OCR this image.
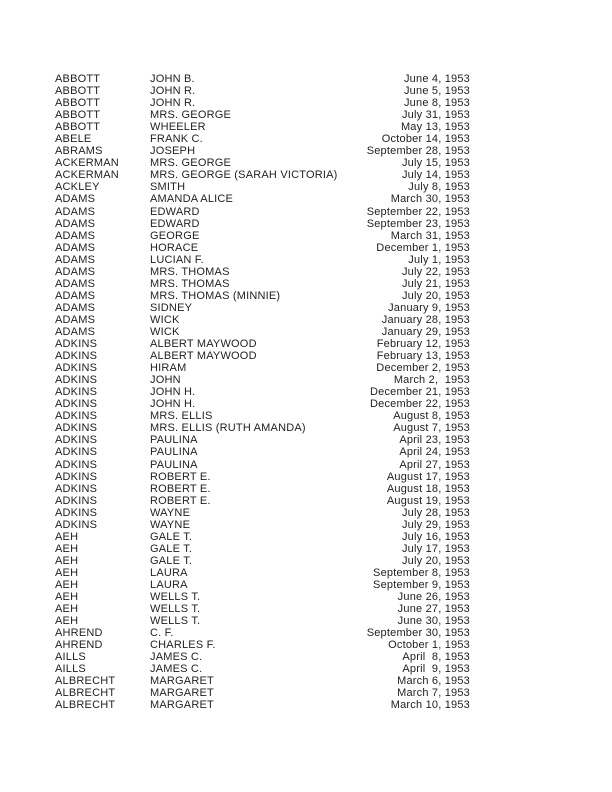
ABBOTT	JOHN B.	June 4, 1953
ABBOTT	JOHN R.	June 5, 1953
ABBOTT	JOHN R.	June 8, 1953
ABBOTT	MRS. GEORGE	July 31, 1953
ABBOTT	WHEELER	May 13, 1953
ABELE	FRANK C.	October 14, 1953
ABRAMS	JOSEPH	September 28, 1953
ACKERMAN	MRS. GEORGE	July 15, 1953
ACKERMAN	MRS. GEORGE (SARAH VICTORIA)	July 14, 1953
ACKLEY	SMITH	July 8, 1953
ADAMS	AMANDA ALICE	March 30, 1953
ADAMS	EDWARD	September 22, 1953
ADAMS	EDWARD	September 23, 1953
ADAMS	GEORGE	March 31, 1953
ADAMS	HORACE	December 1, 1953
ADAMS	LUCIAN F.	July 1, 1953
ADAMS	MRS. THOMAS	July 22, 1953
ADAMS	MRS. THOMAS	July 21, 1953
ADAMS	MRS. THOMAS (MINNIE)	July 20, 1953
ADAMS	SIDNEY	January 9, 1953
ADAMS	WICK	January 28, 1953
ADAMS	WICK	January 29, 1953
ADKINS	ALBERT MAYWOOD	February 12, 1953
ADKINS	ALBERT MAYWOOD	February 13, 1953
ADKINS	HIRAM	December 2, 1953
ADKINS	JOHN	March 2,  1953
ADKINS	JOHN H.	December 21, 1953
ADKINS	JOHN H.	December 22, 1953
ADKINS	MRS. ELLIS	August 8, 1953
ADKINS	MRS. ELLIS (RUTH AMANDA)	August 7, 1953
ADKINS	PAULINA	April 23, 1953
ADKINS	PAULINA	April 24, 1953
ADKINS	PAULINA	April 27, 1953
ADKINS	ROBERT E.	August 17, 1953
ADKINS	ROBERT E.	August 18, 1953
ADKINS	ROBERT E.	August 19, 1953
ADKINS	WAYNE	July 28, 1953
ADKINS	WAYNE	July 29, 1953
AEH	GALE T.	July 16, 1953
AEH	GALE T.	July 17, 1953
AEH	GALE T.	July 20, 1953
AEH	LAURA	September 8, 1953
AEH	LAURA	September 9, 1953
AEH	WELLS T.	June 26, 1953
AEH	WELLS T.	June 27, 1953
AEH	WELLS T.	June 30, 1953
AHREND	C. F.	September 30, 1953
AHREND	CHARLES F.	October 1, 1953
AILLS	JAMES C.	April  8, 1953
AILLS	JAMES C.	April  9, 1953
ALBRECHT	MARGARET	March 6, 1953
ALBRECHT	MARGARET	March 7, 1953
ALBRECHT	MARGARET	March 10, 1953
